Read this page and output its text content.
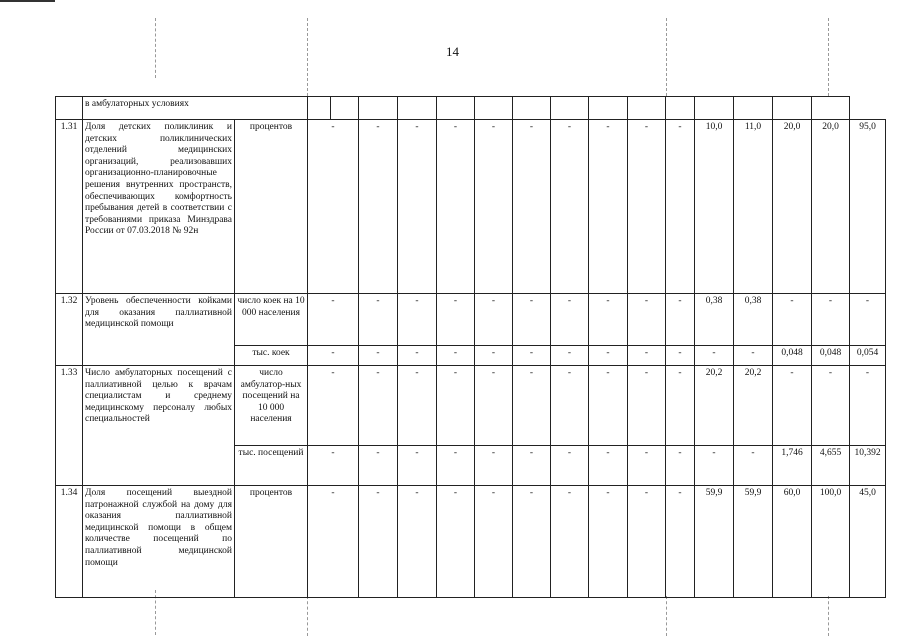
14
	в амбулаторных условиях																	
1.31	Доля детских поликлиник и детских поликлинических отделений медицинских организаций, реализовавших организационно-планировочные решения внутренних пространств, обеспечивающих комфортность пребывания детей в соответствии с требованиями приказа Минздрава России от 07.03.2018 № 92н	процентов	-		-	-	-	-	-	-	-	-	-	10,0	11,0	20,0	20,0	95,0
1.32	Уровень обеспеченности койками для оказания паллиативной медицинской помощи	число коек на 10 000 населения	-		-	-	-	-	-	-	-	-	-	0,38	0,38	-	-	-
		тыс. коек	-		-	-	-	-	-	-	-	-	-	-	-	0,048	0,048	0,054
1.33	Число амбулаторных посещений с паллиативной целью к врачам специалистам и среднему медицинскому персоналу любых специальностей	число амбулатор-ных посещений на 10 000 населения	-		-	-	-	-	-	-	-	-	-	20,2	20,2	-	-	-
		тыс. посещений	-		-	-	-	-	-	-	-	-	-	-	-	1,746	4,655	10,392
1.34	Доля посещений выездной патронажной службой на дому для оказания паллиативной медицинской помощи в общем количестве посещений по паллиативной медицинской помощи	процентов	-		-	-	-	-	-	-	-	-	-	59,9	59,9	60,0	100,0	45,0
